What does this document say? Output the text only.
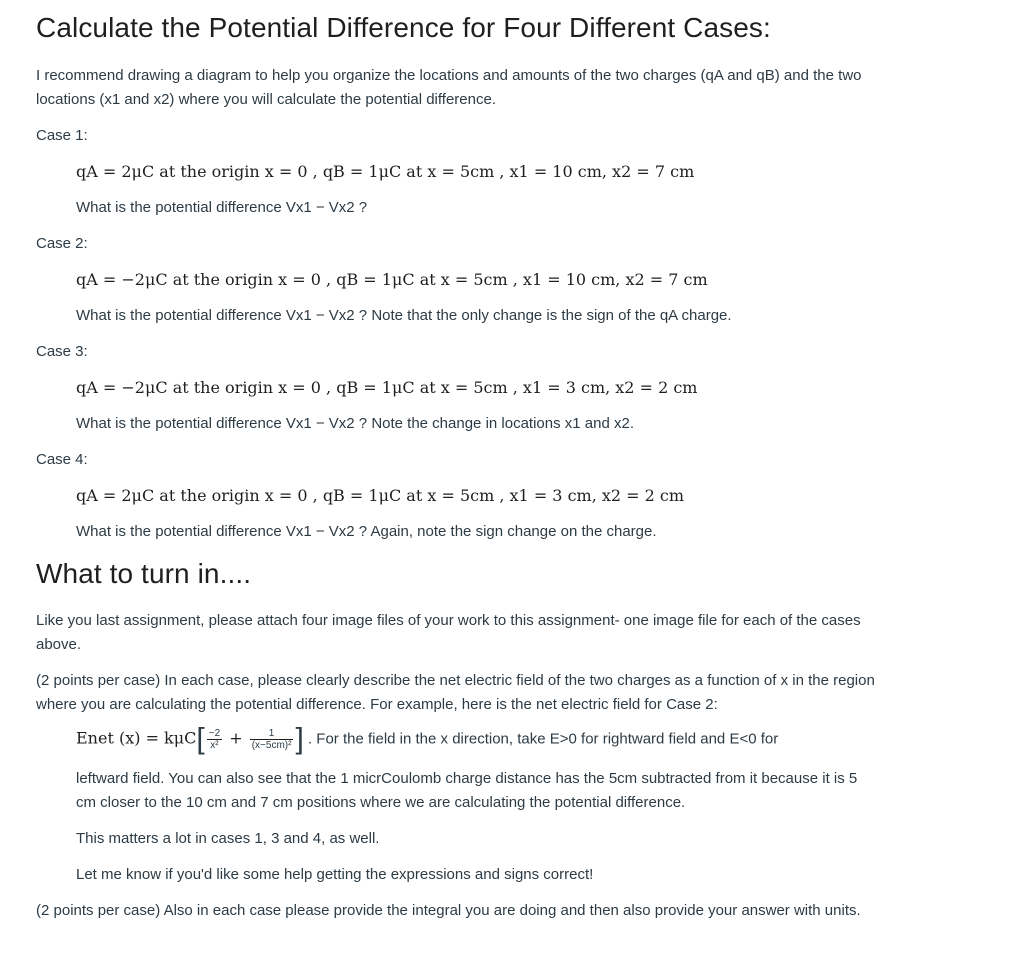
Calculate the Potential Difference for Four Different Cases:

I recommend drawing a diagram to help you organize the locations and amounts of the two charges (qA and qB) and the two locations (x1 and x2) where you will calculate the potential difference.

Case 1:

qA = 2μC at the origin x = 0 , qB = 1μC at x = 5cm , x1 = 10 cm, x2 = 7 cm

What is the potential difference Vx1 − Vx2 ?

Case 2:

qA = −2μC at the origin x = 0 , qB = 1μC at x = 5cm , x1 = 10 cm, x2 = 7 cm

What is the potential difference Vx1 − Vx2 ? Note that the only change is the sign of the qA charge.

Case 3:

qA = −2μC at the origin x = 0 , qB = 1μC at x = 5cm , x1 = 3 cm, x2 = 2 cm

What is the potential difference Vx1 − Vx2 ? Note the change in locations x1 and x2.

Case 4:

qA = 2μC at the origin x = 0 , qB = 1μC at x = 5cm , x1 = 3 cm, x2 = 2 cm

What is the potential difference Vx1 − Vx2 ? Again, note the sign change on the charge.

What to turn in....

Like you last assignment, please attach four image files of your work to this assignment- one image file for each of the cases above.

(2 points per case) In each case, please clearly describe the net electric field of the two charges as a function of x in the region where you are calculating the potential difference. For example, here is the net electric field for Case 2:

Enet $(x) = k\mu C[ \frac{-2}{\text{x²}} + \frac{1}{\text{(x−5cm)²}}$ ] . For the field in the x direction, take E>0 for rightward field and E<0 for

leftward field. You can also see that the 1 micrCoulomb charge distance has the 5cm subtracted from it because it is 5 cm closer to the 10 cm and 7 cm positions where we are calculating the potential difference.

This matters a lot in cases 1, 3 and 4, as well.

Let me know if you'd like some help getting the expressions and signs correct!

(2 points per case) Also in each case please provide the integral you are doing and then also provide your answer with units.
